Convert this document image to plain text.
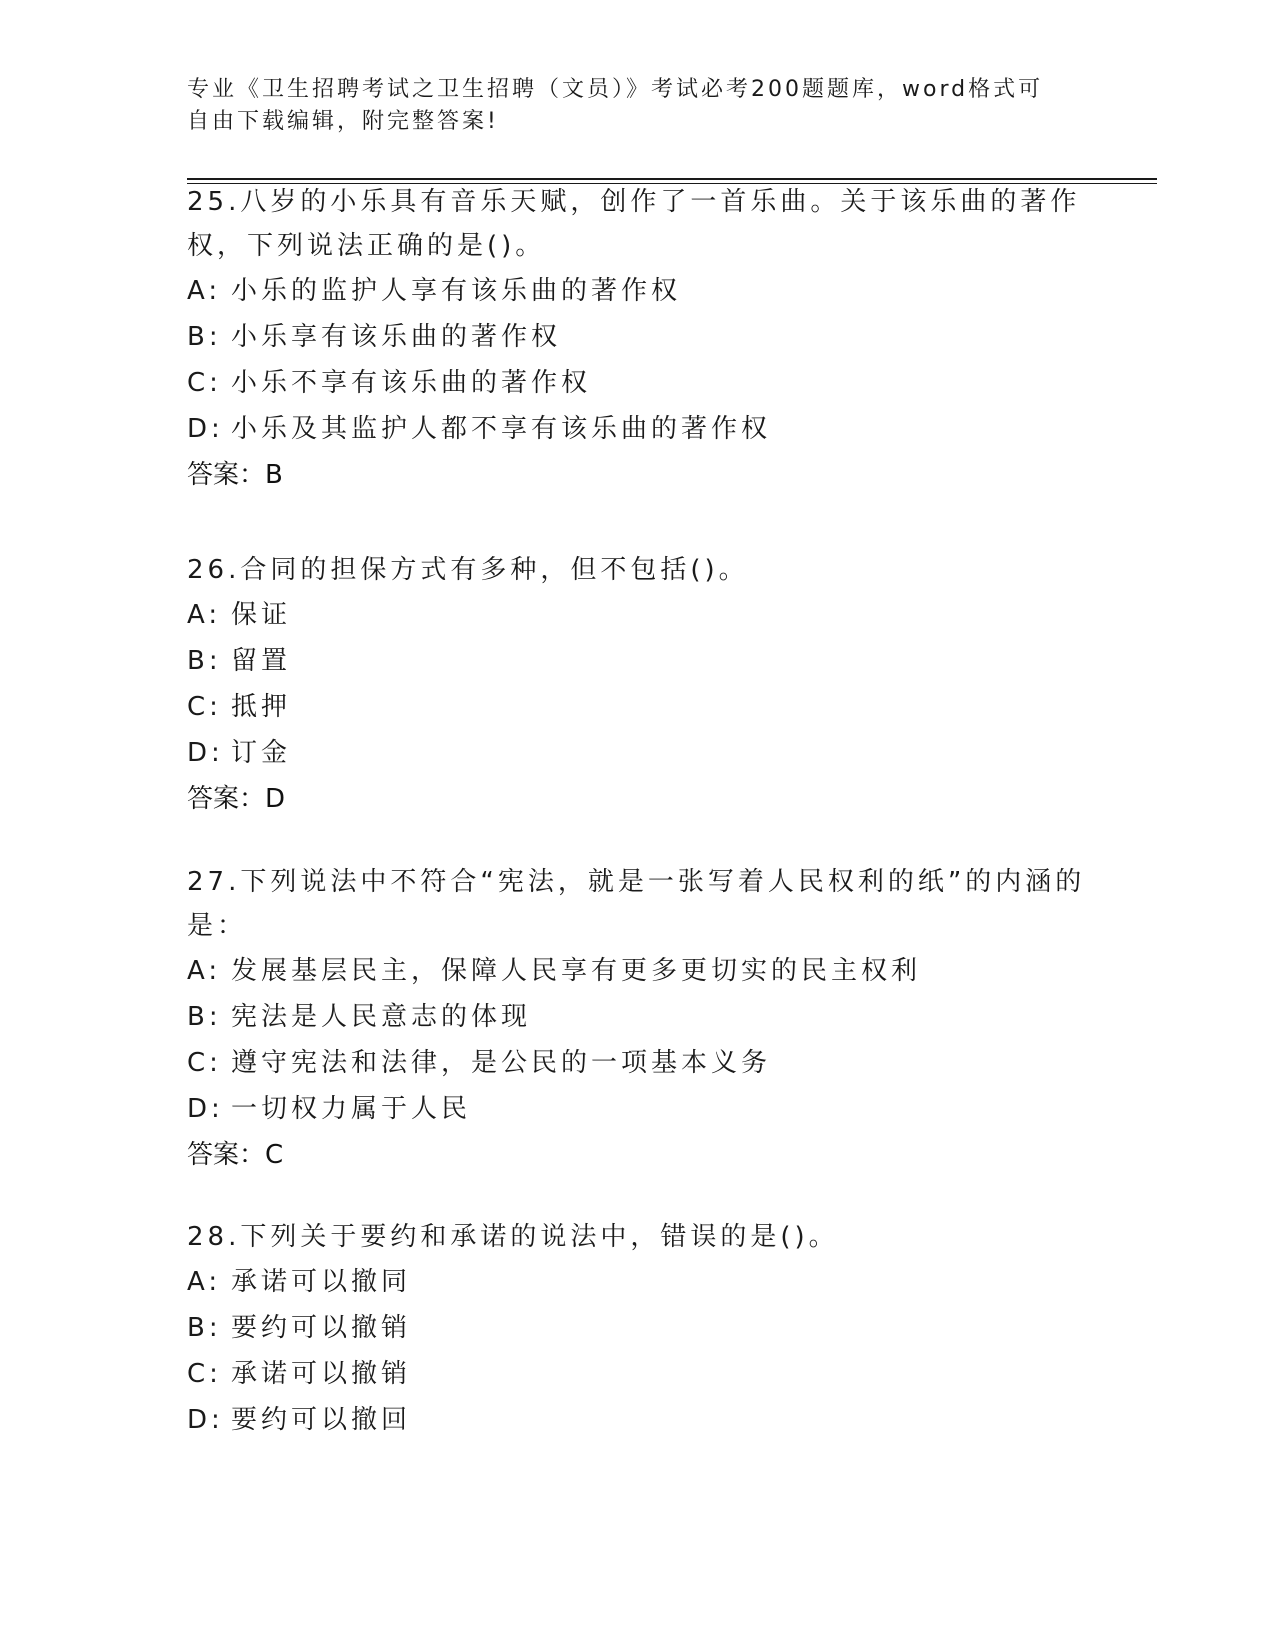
专业《卫生招聘考试之卫生招聘（文员）》考试必考200题题库，word格式可自由下载编辑，附完整答案!

25.八岁的小乐具有音乐天赋，创作了一首乐曲。关于该乐曲的著作权，下列说法正确的是()。

A: 小乐的监护人享有该乐曲的著作权

B: 小乐享有该乐曲的著作权

C: 小乐不享有该乐曲的著作权

D: 小乐及其监护人都不享有该乐曲的著作权

答案：B

26.合同的担保方式有多种，但不包括()。

A: 保证

B: 留置

C: 抵押

D: 订金

答案：D

27.下列说法中不符合“宪法，就是一张写着人民权利的纸”的内涵的是：

A: 发展基层民主，保障人民享有更多更切实的民主权利

B: 宪法是人民意志的体现

C: 遵守宪法和法律，是公民的一项基本义务

D: 一切权力属于人民

答案：C

28.下列关于要约和承诺的说法中，错误的是()。

A: 承诺可以撤同

B: 要约可以撤销

C: 承诺可以撤销

D: 要约可以撤回
